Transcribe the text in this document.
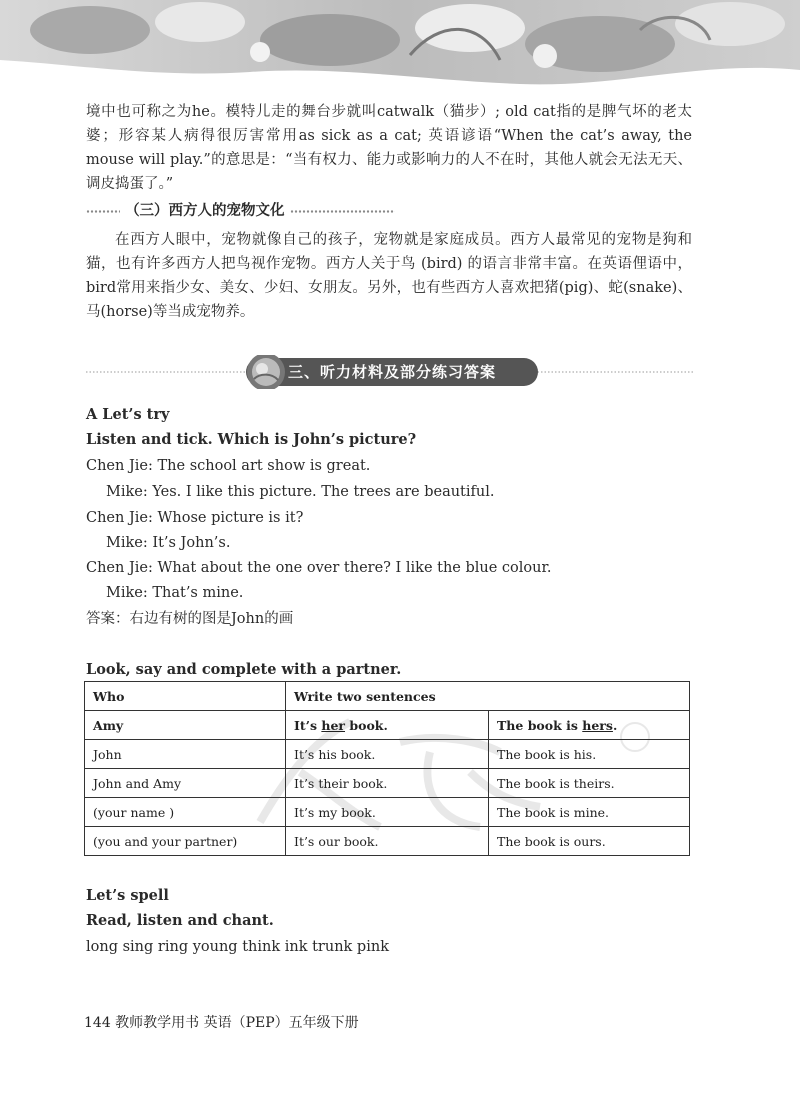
境中也可称之为he。模特儿走的舞台步就叫catwalk（猫步）; old cat指的是脾气坏的老太婆；形容某人病得很厉害常用as sick as a cat; 英语谚语“When the cat’s away, the mouse will play.”的意思是：“当有权力、能力或影响力的人不在时，其他人就会无法无天、调皮捣蛋了。”
（三）西方人的宠物文化
在西方人眼中，宠物就像自己的孩子，宠物就是家庭成员。西方人最常见的宠物是狗和猫，也有许多西方人把鸟视作宠物。西方人关于鸟 (bird) 的语言非常丰富。在英语俚语中，bird常用来指少女、美女、少妇、女朋友。另外，也有些西方人喜欢把猪(pig)、蛇(snake)、马(horse)等当成宠物养。
三、听力材料及部分练习答案
A Let’s try
Listen and tick. Which is John’s picture?
Chen Jie: The school art show is great.
Mike: Yes. I like this picture. The trees are beautiful.
Chen Jie: Whose picture is it?
Mike: It’s John’s.
Chen Jie: What about the one over there? I like the blue colour.
Mike: That’s mine.
答案：右边有树的图是John的画
Look, say and complete with a partner.
Who	Write two sentences	
Amy	It’s her book.	The book is hers.
John	It’s his book.	The book is his.
John and Amy	It’s their book.	The book is theirs.
(your name )	It’s my book.	The book is mine.
(you and your partner)	It’s our book.	The book is ours.
Let’s spell
Read, listen and chant.
long sing ring young think ink trunk pink
144 教师教学用书 英语（PEP）五年级下册
